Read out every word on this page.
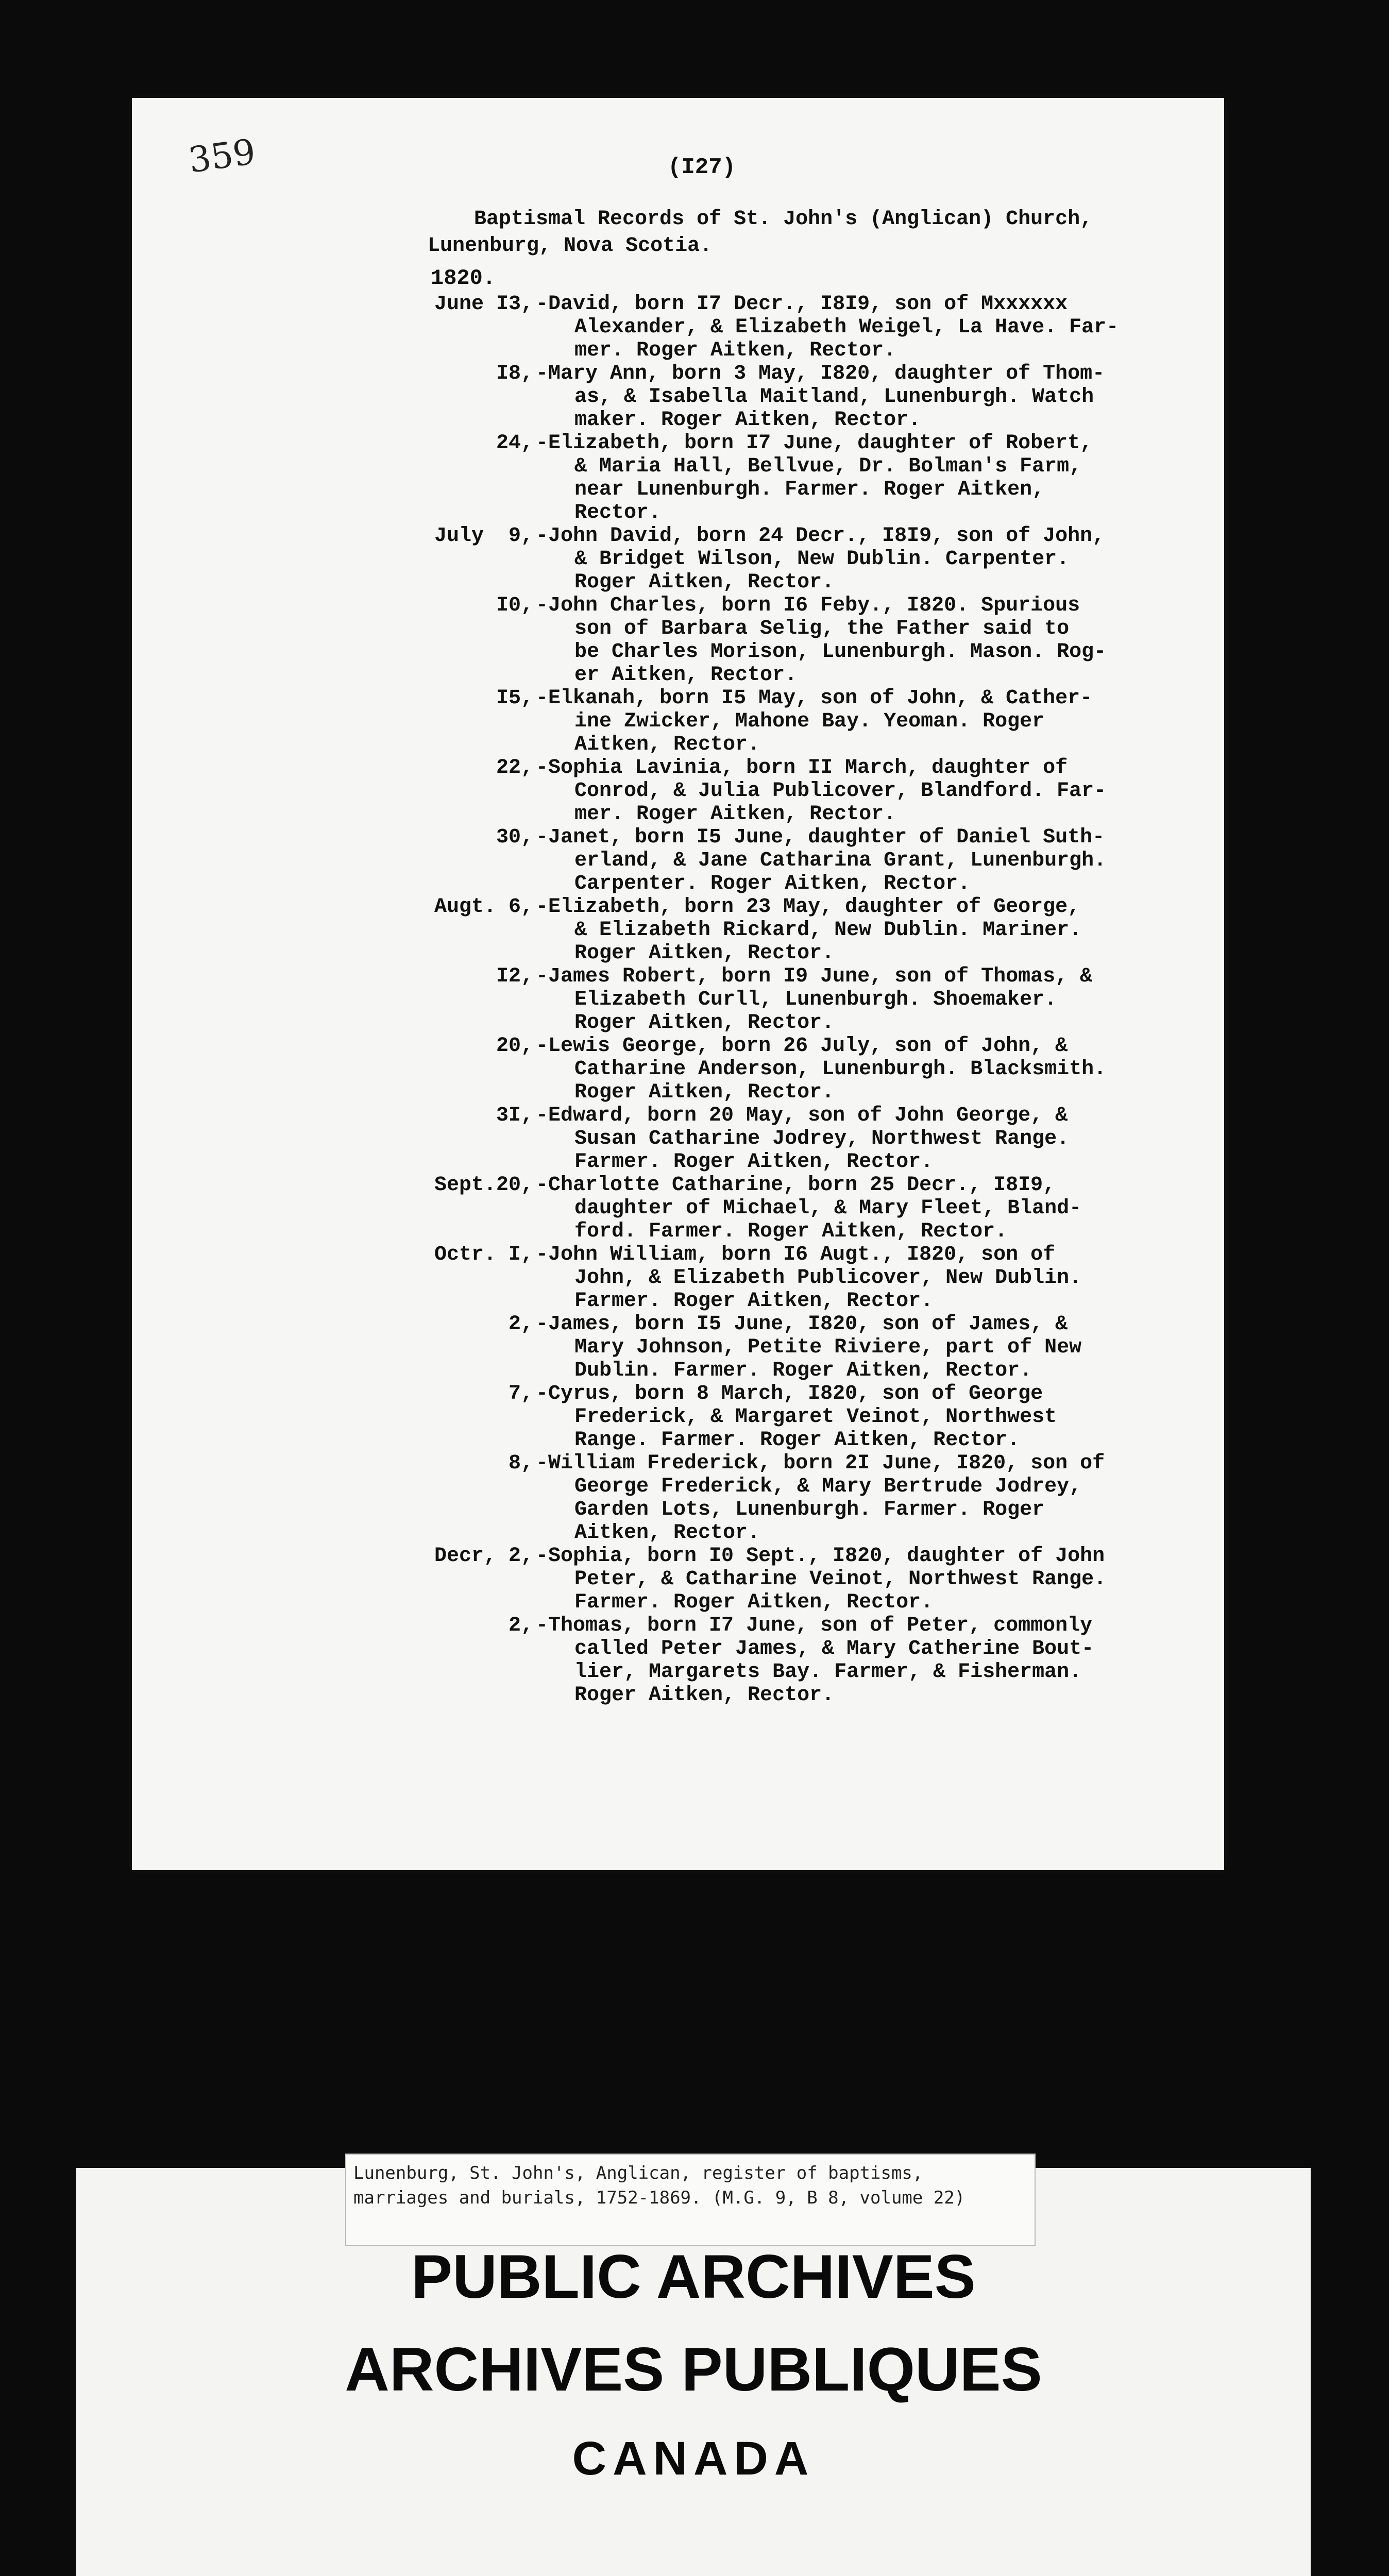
359	(I27)
Baptismal Records of St. John's (Anglican) Church,
Lunenburg, Nova Scotia.
1820.
June I3, -David, born I7 Decr., I8I9, son of Mxxxxxx
Alexander, & Elizabeth Weigel, La Have. Far-
mer. Roger Aitken, Rector.
I8, -Mary Ann, born 3 May, I820, daughter of Thom-
as, & Isabella Maitland, Lunenburgh. Watch
maker. Roger Aitken, Rector.
24, -Elizabeth, born I7 June, daughter of Robert,
& Maria Hall, Bellvue, Dr. Bolman's Farm,
near Lunenburgh. Farmer. Roger Aitken,
Rector.
July  9, -John David, born 24 Decr., I8I9, son of John,
& Bridget Wilson, New Dublin. Carpenter.
Roger Aitken, Rector.
I0, -John Charles, born I6 Feby., I820. Spurious
son of Barbara Selig, the Father said to
be Charles Morison, Lunenburgh. Mason. Rog-
er Aitken, Rector.
I5, -Elkanah, born I5 May, son of John, & Cather-
ine Zwicker, Mahone Bay. Yeoman. Roger
Aitken, Rector.
22, -Sophia Lavinia, born II March, daughter of
Conrod, & Julia Publicover, Blandford. Far-
mer. Roger Aitken, Rector.
30, -Janet, born I5 June, daughter of Daniel Suth-
erland, & Jane Catharina Grant, Lunenburgh.
Carpenter. Roger Aitken, Rector.
Augt. 6, -Elizabeth, born 23 May, daughter of George,
& Elizabeth Rickard, New Dublin. Mariner.
Roger Aitken, Rector.
I2, -James Robert, born I9 June, son of Thomas, &
Elizabeth Curll, Lunenburgh. Shoemaker.
Roger Aitken, Rector.
20, -Lewis George, born 26 July, son of John, &
Catharine Anderson, Lunenburgh. Blacksmith.
Roger Aitken, Rector.
3I, -Edward, born 20 May, son of John George, &
Susan Catharine Jodrey, Northwest Range.
Farmer. Roger Aitken, Rector.
Sept.20, -Charlotte Catharine, born 25 Decr., I8I9,
daughter of Michael, & Mary Fleet, Bland-
ford. Farmer. Roger Aitken, Rector.
Octr. I, -John William, born I6 Augt., I820, son of
John, & Elizabeth Publicover, New Dublin.
Farmer. Roger Aitken, Rector.
2, -James, born I5 June, I820, son of James, &
Mary Johnson, Petite Riviere, part of New
Dublin. Farmer. Roger Aitken, Rector.
7, -Cyrus, born 8 March, I820, son of George
Frederick, & Margaret Veinot, Northwest
Range. Farmer. Roger Aitken, Rector.
8, -William Frederick, born 2I June, I820, son of
George Frederick, & Mary Bertrude Jodrey,
Garden Lots, Lunenburgh. Farmer. Roger
Aitken, Rector.
Decr, 2, -Sophia, born I0 Sept., I820, daughter of John
Peter, & Catharine Veinot, Northwest Range.
Farmer. Roger Aitken, Rector.
2, -Thomas, born I7 June, son of Peter, commonly
called Peter James, & Mary Catherine Bout-
lier, Margarets Bay. Farmer, & Fisherman.
Roger Aitken, Rector.
Lunenburg, St. John's, Anglican, register of baptisms,
marriages and burials, 1752-1869. (M.G. 9, B 8, volume 22)
PUBLIC ARCHIVES
ARCHIVES PUBLIQUES
CANADA
